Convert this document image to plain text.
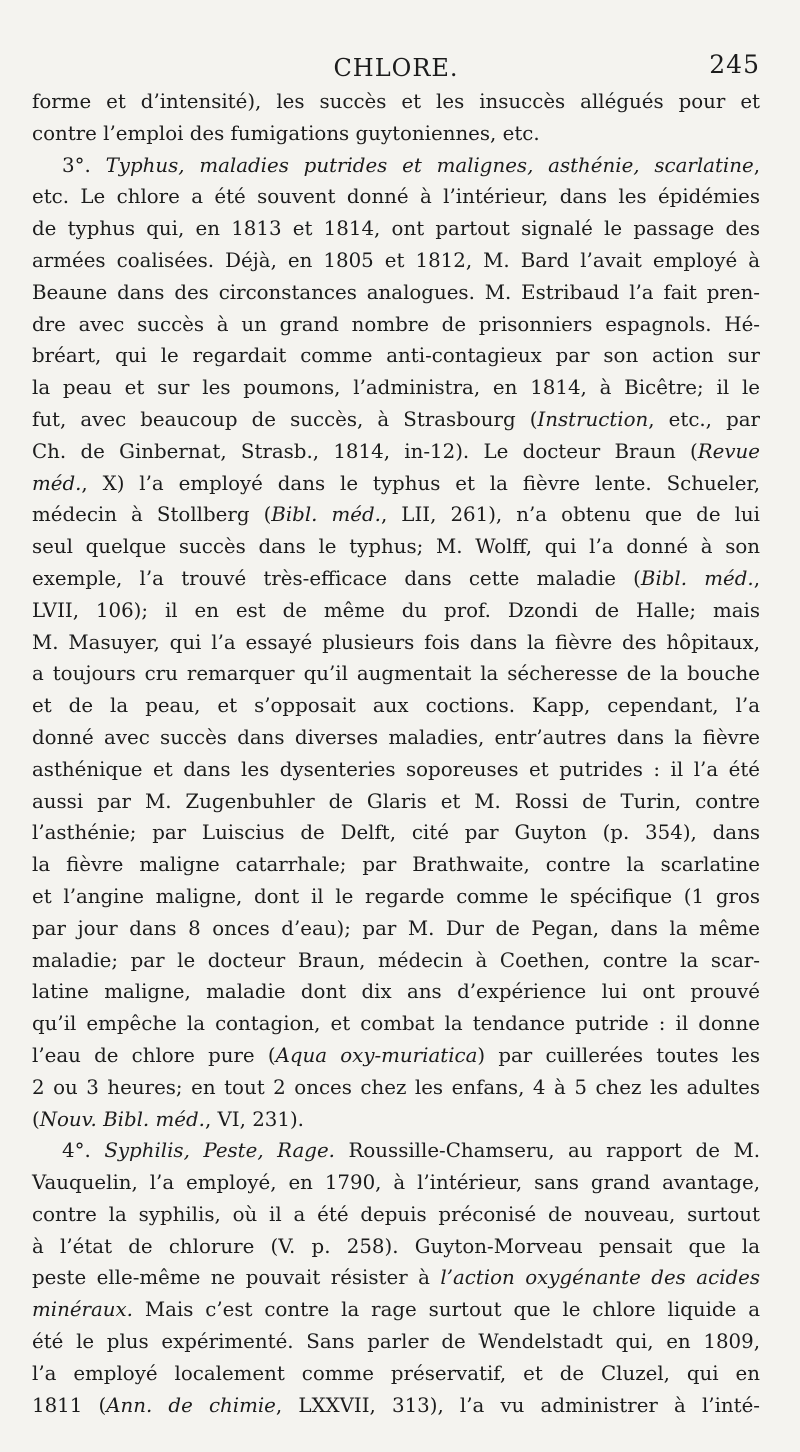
CHLORE.	245
forme et d’intensité), les succès et les insuccès allégués pour et
contre l’emploi des fumigations guytoniennes, etc.
3°. Typhus, maladies putrides et malignes, asthénie, scarlatine,
etc. Le chlore a été souvent donné à l’intérieur, dans les épidémies
de typhus qui, en 1813 et 1814, ont partout signalé le passage des
armées coalisées. Déjà, en 1805 et 1812, M. Bard l’avait employé à
Beaune dans des circonstances analogues. M. Estribaud l’a fait pren-
dre avec succès à un grand nombre de prisonniers espagnols. Hé-
bréart, qui le regardait comme anti-contagieux par son action sur
la peau et sur les poumons, l’administra, en 1814, à Bicêtre; il le
fut, avec beaucoup de succès, à Strasbourg (Instruction, etc., par
Ch. de Ginbernat, Strasb., 1814, in-12). Le docteur Braun (Revue
méd., X) l’a employé dans le typhus et la fièvre lente. Schueler,
médecin à Stollberg (Bibl. méd., LII, 261), n’a obtenu que de lui
seul quelque succès dans le typhus; M. Wolff, qui l’a donné à son
exemple, l’a trouvé très-efficace dans cette maladie (Bibl. méd.,
LVII, 106); il en est de même du prof. Dzondi de Halle; mais
M. Masuyer, qui l’a essayé plusieurs fois dans la fièvre des hôpitaux,
a toujours cru remarquer qu’il augmentait la sécheresse de la bouche
et de la peau, et s’opposait aux coctions. Kapp, cependant, l’a
donné avec succès dans diverses maladies, entr’autres dans la fièvre
asthénique et dans les dysenteries soporeuses et putrides : il l’a été
aussi par M. Zugenbuhler de Glaris et M. Rossi de Turin, contre
l’asthénie; par Luiscius de Delft, cité par Guyton (p. 354), dans
la fièvre maligne catarrhale; par Brathwaite, contre la scarlatine
et l’angine maligne, dont il le regarde comme le spécifique (1 gros
par jour dans 8 onces d’eau); par M. Dur de Pegan, dans la même
maladie; par le docteur Braun, médecin à Coethen, contre la scar-
latine maligne, maladie dont dix ans d’expérience lui ont prouvé
qu’il empêche la contagion, et combat la tendance putride : il donne
l’eau de chlore pure (Aqua oxy-muriatica) par cuillerées toutes les
2 ou 3 heures; en tout 2 onces chez les enfans, 4 à 5 chez les adultes
(Nouv. Bibl. méd., VI, 231).
4°. Syphilis, Peste, Rage. Roussille-Chamseru, au rapport de M.
Vauquelin, l’a employé, en 1790, à l’intérieur, sans grand avantage,
contre la syphilis, où il a été depuis préconisé de nouveau, surtout
à l’état de chlorure (V. p. 258). Guyton-Morveau pensait que la
peste elle-même ne pouvait résister à l’action oxygénante des acides
minéraux. Mais c’est contre la rage surtout que le chlore liquide a
été le plus expérimenté. Sans parler de Wendelstadt qui, en 1809,
l’a employé localement comme préservatif, et de Cluzel, qui en
1811 (Ann. de chimie, LXXVII, 313), l’a vu administrer à l’inté-
